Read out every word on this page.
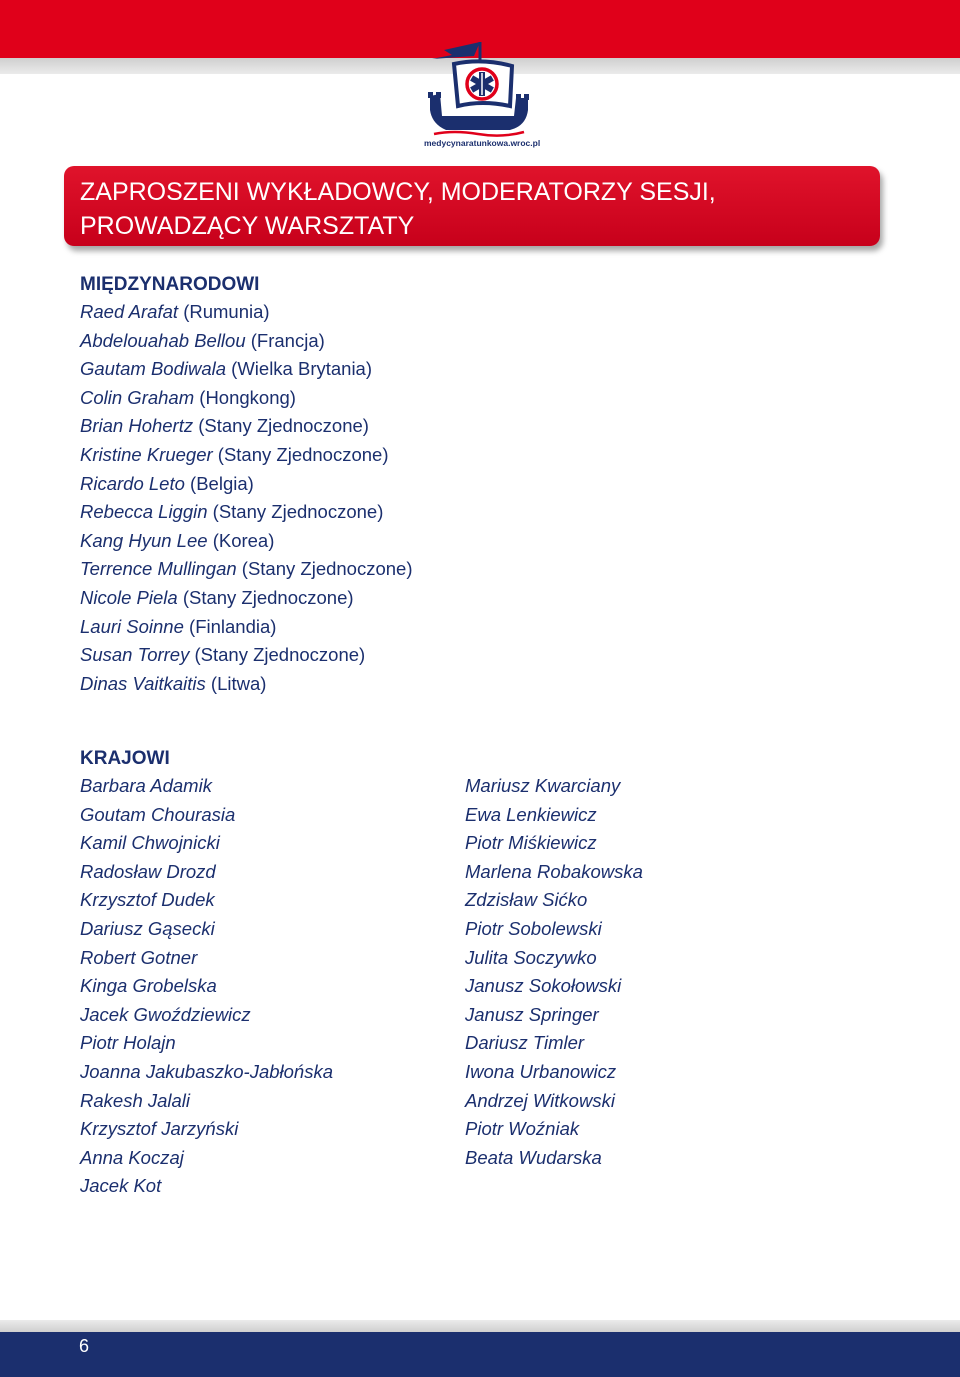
medycynaratunkowa.wroc.pl
ZAPROSZENI WYKŁADOWCY, MODERATORZY SESJI,
PROWADZĄCY WARSZTATY
MIĘDZYNARODOWI
Raed Arafat (Rumunia)
Abdelouahab Bellou (Francja)
Gautam Bodiwala (Wielka Brytania)
Colin Graham (Hongkong)
Brian Hohertz (Stany Zjednoczone)
Kristine Krueger (Stany Zjednoczone)
Ricardo Leto (Belgia)
Rebecca Liggin (Stany Zjednoczone)
Kang Hyun Lee (Korea)
Terrence Mullingan (Stany Zjednoczone)
Nicole Piela (Stany Zjednoczone)
Lauri Soinne (Finlandia)
Susan Torrey (Stany Zjednoczone)
Dinas Vaitkaitis (Litwa)
KRAJOWI
Barbara Adamik
Goutam Chourasia
Kamil Chwojnicki
Radosław Drozd
Krzysztof Dudek
Dariusz Gąsecki
Robert Gotner
Kinga Grobelska
Jacek Gwoździewicz
Piotr Holajn
Joanna Jakubaszko-Jabłońska
Rakesh Jalali
Krzysztof Jarzyński
Anna Koczaj
Jacek Kot
Mariusz Kwarciany
Ewa Lenkiewicz
Piotr Miśkiewicz
Marlena Robakowska
Zdzisław Sićko
Piotr Sobolewski
Julita Soczywko
Janusz Sokołowski
Janusz Springer
Dariusz Timler
Iwona Urbanowicz
Andrzej Witkowski
Piotr Woźniak
Beata Wudarska
6
